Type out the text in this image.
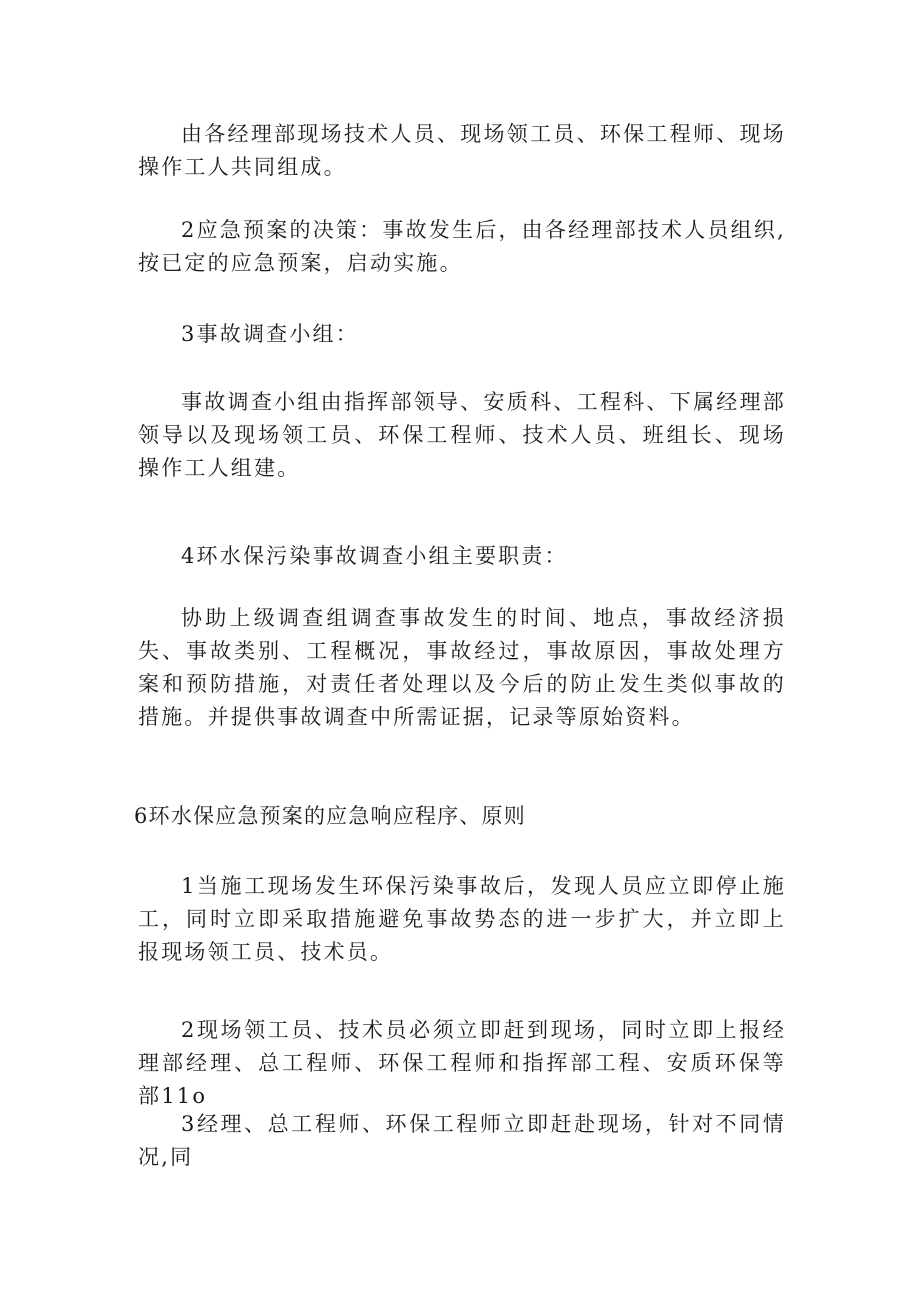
由各经理部现场技术人员、现场领工员、环保工程师、现场操作工人共同组成。

2应急预案的决策：事故发生后，由各经理部技术人员组织,按已定的应急预案，启动实施。

3事故调查小组：

事故调查小组由指挥部领导、安质科、工程科、下属经理部领导以及现场领工员、环保工程师、技术人员、班组长、现场操作工人组建。

4环水保污染事故调查小组主要职责：

协助上级调查组调查事故发生的时间、地点，事故经济损失、事故类别、工程概况，事故经过，事故原因，事故处理方案和预防措施，对责任者处理以及今后的防止发生类似事故的措施。并提供事故调查中所需证据，记录等原始资料。

6环水保应急预案的应急响应程序、原则

1当施工现场发生环保污染事故后，发现人员应立即停止施工，同时立即采取措施避免事故势态的进一步扩大，并立即上报现场领工员、技术员。

2现场领工员、技术员必须立即赶到现场，同时立即上报经理部经理、总工程师、环保工程师和指挥部工程、安质环保等部11o

3经理、总工程师、环保工程师立即赶赴现场，针对不同情况,同
